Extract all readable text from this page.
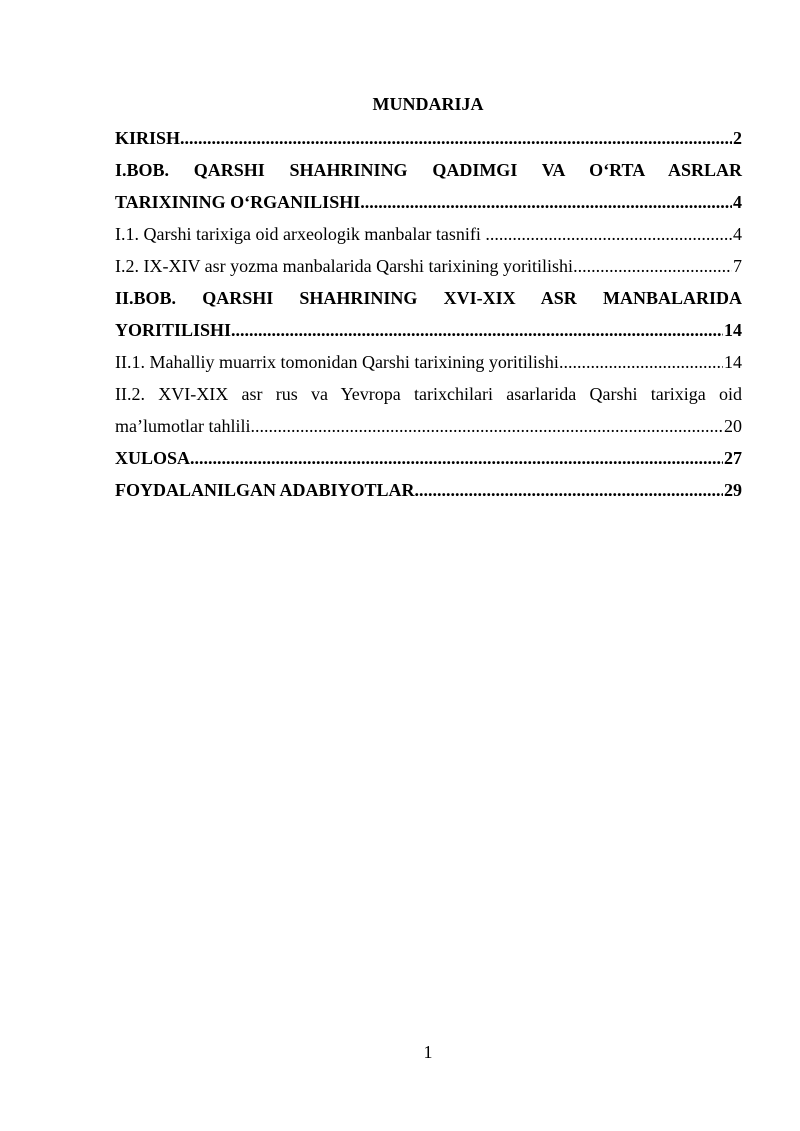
MUNDARIJA
KIRISH .....	2
I.BOB. QARSHI SHAHRINING QADIMGI VA O‘RTA ASRLAR
TARIXINING O‘RGANILISHI .....	4
I.1. Qarshi tarixiga oid arxeologik manbalar tasnifi .....	4
I.2. IX-XIV asr yozma manbalarida Qarshi tarixining yoritilishi .....	7
II.BOB. QARSHI SHAHRINING XVI-XIX ASR MANBALARIDA
YORITILISHI .....	14
II.1. Mahalliy muarrix tomonidan Qarshi tarixining yoritilishi .....	14
II.2. XVI-XIX asr rus va Yevropa tarixchilari asarlarida Qarshi tarixiga oid
ma’lumotlar tahlili .....	20
XULOSA .....	27
FOYDALANILGAN ADABIYOTLAR .....	29
1
